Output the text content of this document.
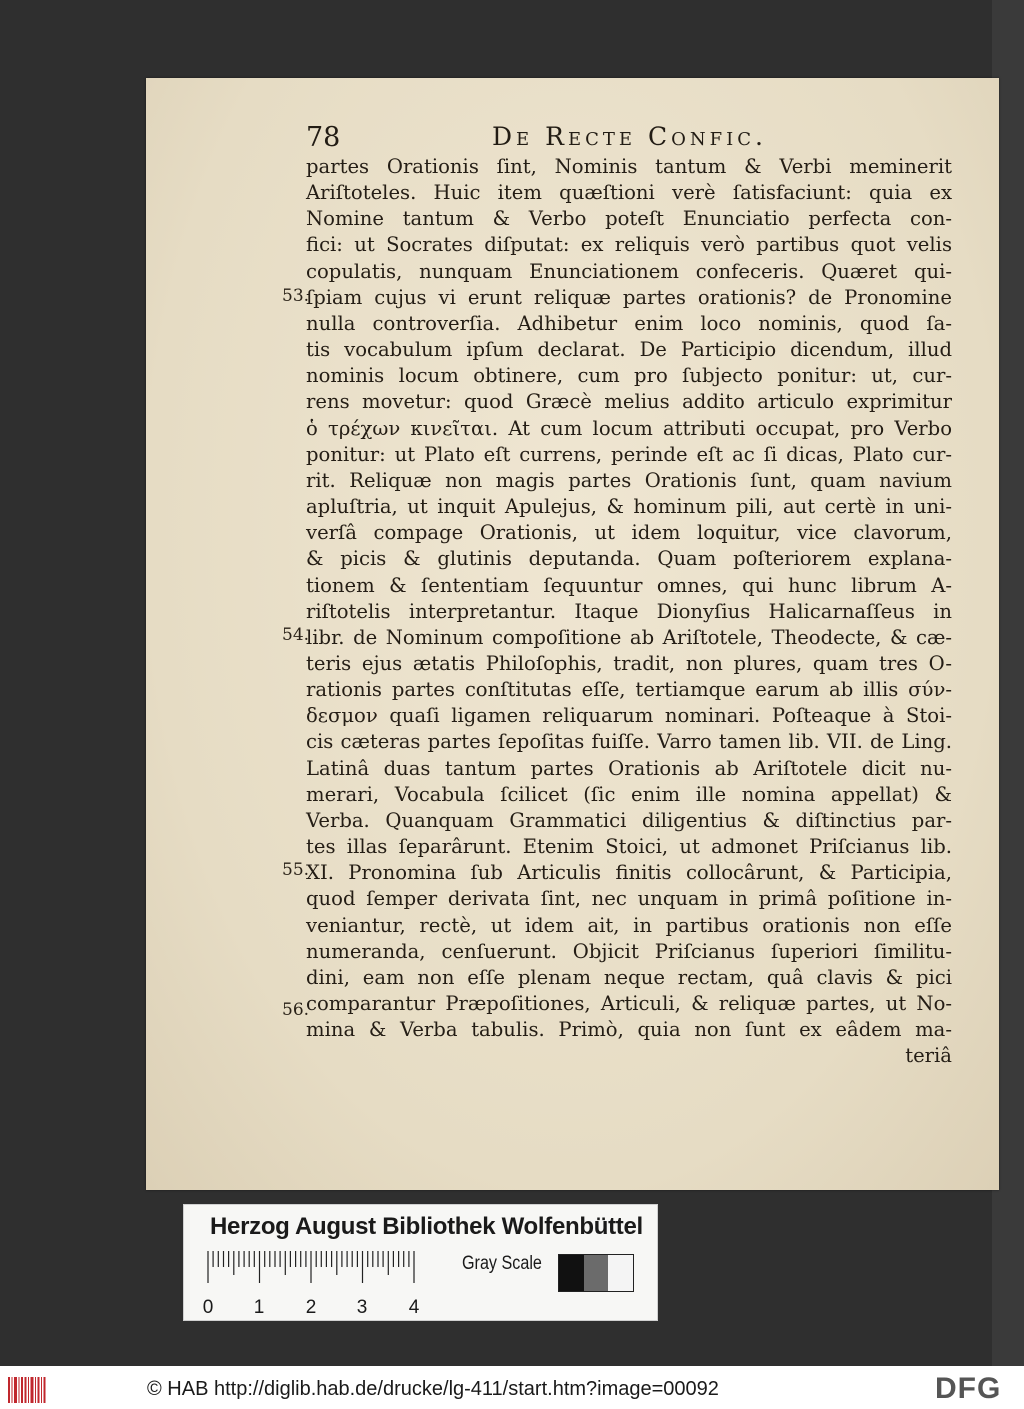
78	De Recte Confic.
53.
54.
55.
56.
partes Orationis ſint, Nominis tantum & Verbi meminerit
Ariſtoteles. Huic item quæſtioni verè ſatisfaciunt: quia ex
Nomine tantum & Verbo poteſt Enunciatio perfecta con-
fici: ut Socrates diſputat: ex reliquis verò partibus quot velis
copulatis, nunquam Enunciationem confeceris. Quæret qui-
ſpiam cujus vi erunt reliquæ partes orationis? de Pronomine
nulla controverſia. Adhibetur enim loco nominis, quod ſa-
tis vocabulum ipſum declarat. De Participio dicendum, illud
nominis locum obtinere, cum pro ſubjecto ponitur: ut, cur-
rens movetur: quod Græcè melius addito articulo exprimitur
ὁ τρέχων κινεῖται. At cum locum attributi occupat, pro Verbo
ponitur: ut Plato eſt currens, perinde eſt ac ſi dicas, Plato cur-
rit. Reliquæ non magis partes Orationis ſunt, quam navium
apluſtria, ut inquit Apulejus, & hominum pili, aut certè in uni-
verſâ compage Orationis, ut idem loquitur, vice clavorum,
& picis & glutinis deputanda. Quam poſteriorem explana-
tionem & ſententiam ſequuntur omnes, qui hunc librum A-
riſtotelis interpretantur. Itaque Dionyſius Halicarnaſſeus in
libr. de Nominum compoſitione ab Ariſtotele, Theodecte, & cæ-
teris ejus ætatis Philoſophis, tradit, non plures, quam tres O-
rationis partes conſtitutas eſſe, tertiamque earum ab illis σύν-
δεσμον quaſi ligamen reliquarum nominari. Poſteaque à Stoi-
cis cæteras partes ſepoſitas fuiſſe. Varro tamen lib. VII. de Ling.
Latinâ duas tantum partes Orationis ab Ariſtotele dicit nu-
merari, Vocabula ſcilicet (ſic enim ille nomina appellat) &
Verba. Quanquam Grammatici diligentius & diſtinctius par-
tes illas ſeparârunt. Etenim Stoici, ut admonet Priſcianus lib.
XI. Pronomina ſub Articulis finitis collocârunt, & Participia,
quod ſemper derivata ſint, nec unquam in primâ poſitione in-
veniantur, rectè, ut idem ait, in partibus orationis non eſſe
numeranda, cenſuerunt. Objicit Priſcianus ſuperiori ſimilitu-
dini, eam non eſſe plenam neque rectam, quâ clavis & pici
comparantur Præpoſitiones, Articuli, & reliquæ partes, ut No-
mina & Verba tabulis. Primò, quia non ſunt ex eâdem ma-
teriâ
Herzog August Bibliothek Wolfenbüttel
0 1 2 3 4
Gray Scale
© HAB http://diglib.hab.de/drucke/lg-411/start.htm?image=00092	DFG
